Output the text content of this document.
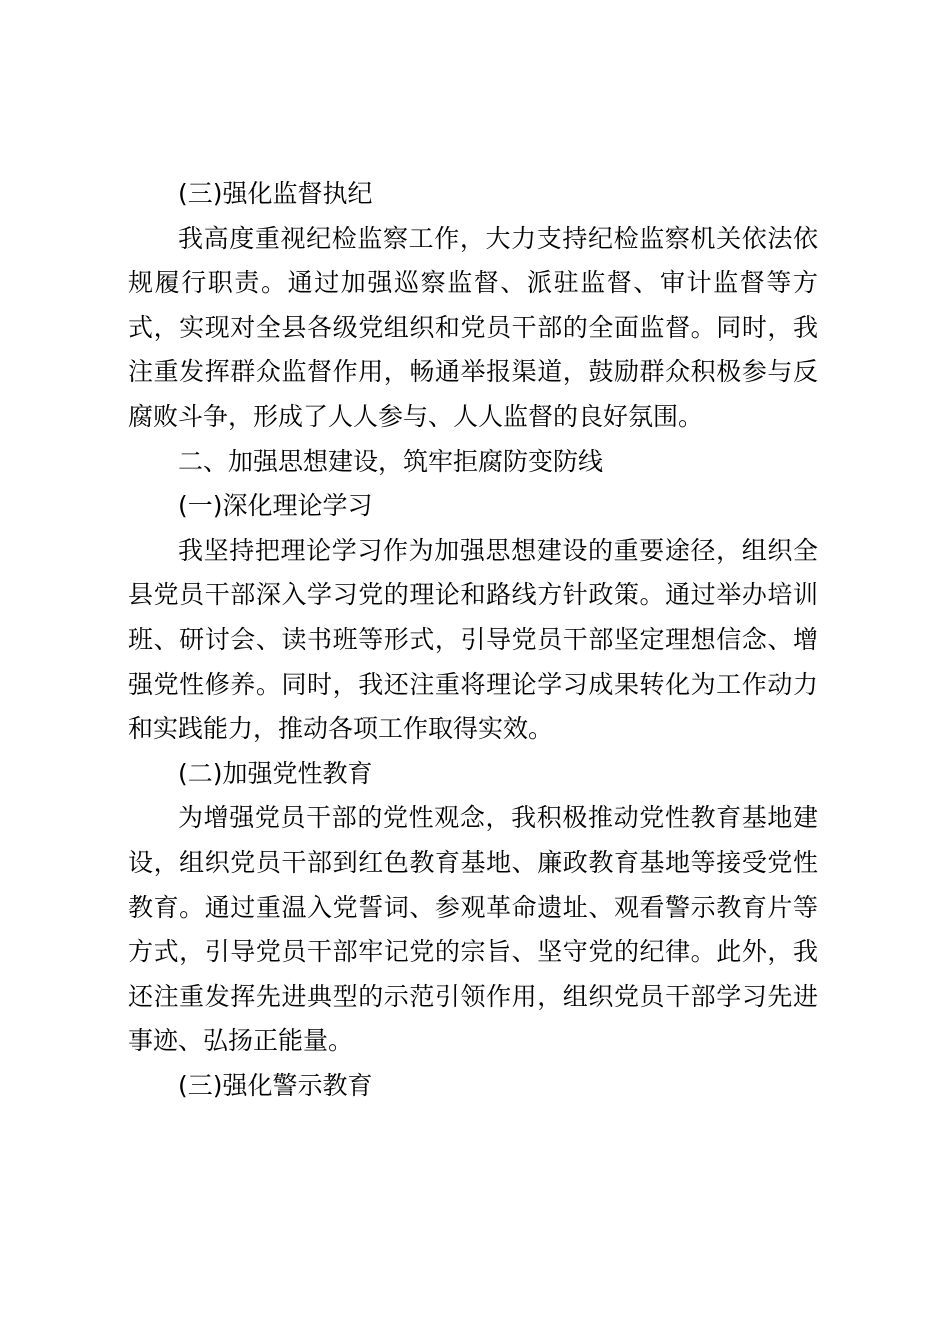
(三)强化监督执纪

我高度重视纪检监察工作，大力支持纪检监察机关依法依规履行职责。通过加强巡察监督、派驻监督、审计监督等方式，实现对全县各级党组织和党员干部的全面监督。同时，我注重发挥群众监督作用，畅通举报渠道，鼓励群众积极参与反腐败斗争，形成了人人参与、人人监督的良好氛围。

二、加强思想建设，筑牢拒腐防变防线

(一)深化理论学习

我坚持把理论学习作为加强思想建设的重要途径，组织全县党员干部深入学习党的理论和路线方针政策。通过举办培训班、研讨会、读书班等形式，引导党员干部坚定理想信念、增强党性修养。同时，我还注重将理论学习成果转化为工作动力和实践能力，推动各项工作取得实效。

(二)加强党性教育

为增强党员干部的党性观念，我积极推动党性教育基地建设，组织党员干部到红色教育基地、廉政教育基地等接受党性教育。通过重温入党誓词、参观革命遗址、观看警示教育片等方式，引导党员干部牢记党的宗旨、坚守党的纪律。此外，我还注重发挥先进典型的示范引领作用，组织党员干部学习先进事迹、弘扬正能量。

(三)强化警示教育
